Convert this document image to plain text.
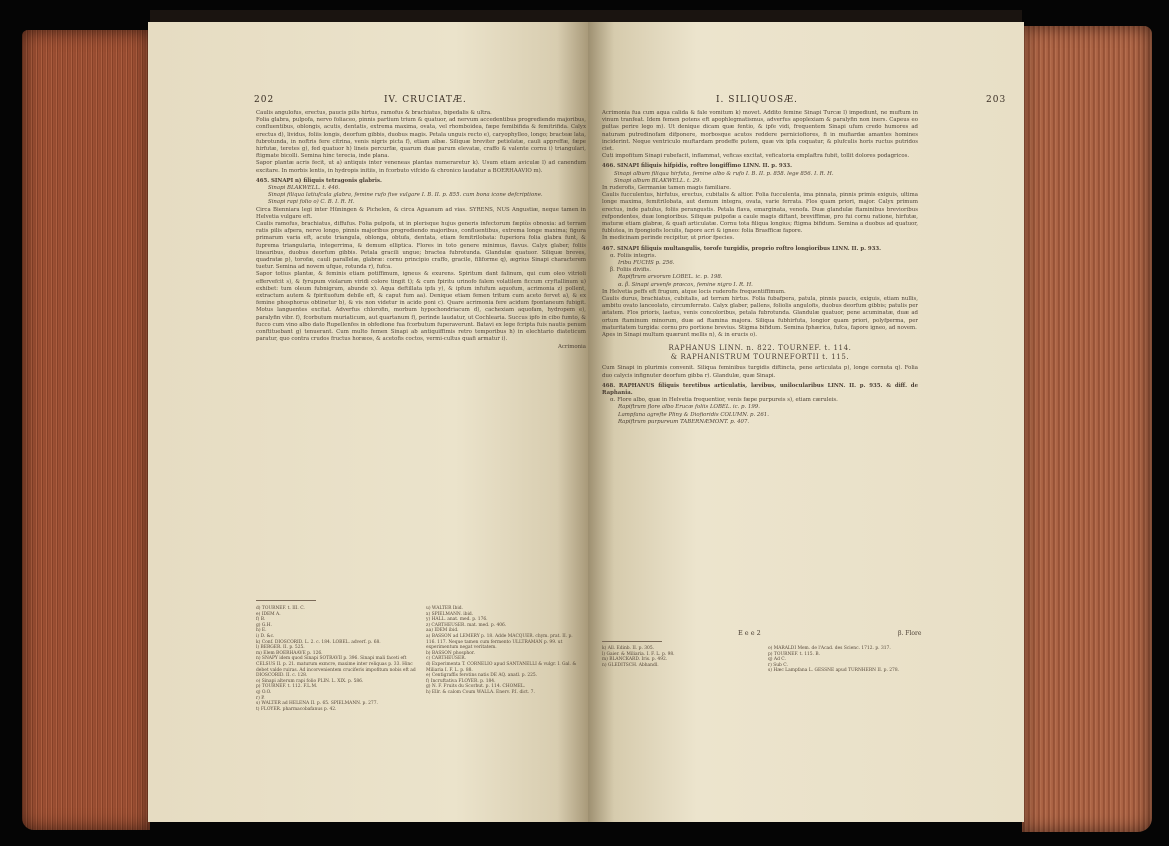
202	IV. CRUCIATÆ.

Caulis angulofus, erectus, paucis pilis hirtus, ramofus & brachiatus, bipedalis & ultra.

Folia glabra, pulpofa, nervo foliaceo, pinnis partium trium & quatuor, ad nervum accedentibus progrediendo majoribus, confluentibus, oblongis, acutis, dentatis, extrema maxima, ovata, vel rhomboidea, fæpe femibifida & femitrifida. Calyx erectus d), lividus, foliis longis, deorfum gibbis, duobus magis. Petala unguis recto e), caryophylleo, longo; bracteæ lata, fubrotunda, in noftris fere citrina, venis nigris picta f), etiam albæ. Siliquæ breviter petiolatæ, cauli appreffæ, fæpe hirfutæ, teretes g), fed quatuor h) lineis percurfæ, quarum duæ parum elevatæ, craffo & valente cornu i) triangulari, ftigmate bicolli. Semina hinc terecia, inde plana.

Sapor plantæ acris fecit, ut a) antiquis inter veneneas plantas numeraretur k). Usum etiam aviculæ l) ad canendum excitare. In morbis lentis, in hydropis initiis, in fcorbuto vifcido & chronico laudatur a BOERHAAVIO m).

465. SINAPI n) filiquis tetragonis glabris.

Sinapi BLAKWELL. t. 446.

Sinapi filiqua latiufcula glabra, femine rufo five vulgare I. B. II. p. 855. cum bona icone defcriptione.

Sinapi rapi folio o) C. B. I. R. H.

Circa Bienniara legi inter Hüningen & Pichelen, & circa Aguanum ad vias. SYRENS, NUS Angustiæ, neque tamen in Helvetia vulgare eft.

Caulis ramofus, brachiatus, diffufus. Folia pulpofa, ut in plerisque hujus generis infectorum fæpiùs obnoxia: ad terram ratis pilis afpera, nervo longo, pinnis majoribus progrediendo majoribus, confluentibus, extrema longe maxima; figura primarum varia eft, acute triangula, oblonga, obtufa, dentata, etiam femitrilobata: fuperiora folia glabra funt, & fuprema triangularia, integerrima, & demum elliptica. Flores in toto genere minimus, flavus. Calyx glaber, foliis linearibus, duobus deorfum gibbis. Petala gracili ungue; bractea fubrotunda. Glandulæ quatuor. Siliquæ breves, quadratæ p), torofæ, cauli parallelæ, glabræ: cornu principio craffo, gracile, filiforme q), ægrius Sinapi characterem tuetur. Semina ad novem ufque, rotunda r), fufca.

Sapor totius plantæ, & feminis etiam potiffimum, igneus & exurens. Spiritum dant falinum, qui cum oleo vitrioli effervefcit s), & fyrupum violarum viridi colore tingit t); & cum fpiritu urinofo falem volatilem ficcum cryftallinum u) exhibet: tum oleum fubnigrum, abunde x). Aqua deftillata ipfa y), & ipfum infufum aquofum, acrimonia z) pollent, extractum autem & fpirituofum debile eft, & caput fum aa). Denique etiam femen tritum cum aceto fervet a), & ex femine phosphorus obtinetur b), & vis non videtur in acido poni c). Quare acrimonia fere acidum fpontaneum fubigit. Motus languentes excitat. Adverfus chlorofin, morbum hypochondriacum d), cachexiam aquofam, hydropem e), paralyfin vibr. f), fcorbutum muriaticum, aut quartanum f), perinde laudatur, ut Cochlearia. Succus ipfo in cibo fumto, & fucco cum vino albo dato Rupellenfes in obfedione fua fcorbutum fuperaverunt. Batavi ex lege fcripta fuis nautis penum conftituebant g) tenuerant. Cum multo femen Sinapi ab antiquiffimis retro temporibus h) in elechtario diateticum paratur, quo contra crudos fructus horæos, & acetofis coctos, vermi-cultus quafi armatur i).

Acrimonia

d) TOURNEF. t. III. C.
e) IDEM A.
f) B.
g) G.H.
h) E.
i) D. &c.
k) Conf. DIOSCORID. L. 2. c. 184. LOBEL. adverf. p. 68.
l) BERGER. II. p. 525.
m) Elem BOERHAAVE p. 126.
n) SNAPY idem quod Sinapi SOTRAVII p. 396. Sinapi mali faceti eft CELSUS II. p. 21. maturum exmcre, maxime inter reliquas p. 33. Hinc debet valde ruiras. Ad incorvenientem cruciferis impofitum nobis eft ad DIOSCORID. II. c. 128.
o) Sinapi alterum rapi folio PLIN. L. XIX. p. 586.
p) TOURNEF. t. 112. F.L.M.
q) O.O.
r) P.
s) WALTER ad HELENA II. p. 65. SPIELMANN. p. 277.
t) FLOYER. pharmacobafanus p. 42.
u) WALTER Ibid.
x) SPIELMANN. ibid.
y) HALL. anat. med. p. 176.
z) CARTHEUSER. mat. med. p. 406.
aa) IDEM ibid.
a) BASSON ad LEMERY p. 18. Adde MACQUER. chym. prat. II. p. 116. 117. Neque tamen cum fermento ULLTRAMAN p. 99. ut experimentum negat veritatem.
b) BASSON phosphor.
c) CARTHEUSER.
d) Experimenta T. CORNELIO apud SANTANELLI & vulgr. I. Gal. & Miliaria I. F. L. p. 88.
e) Centigraffis ferotins natis DE AQ. anatl. p. 225.
f) Incruftativa FLOYER. p. 184.
g) N. F. Fruits du Scorbut. p. 114. CHOMEL.
h) Ellr. & calom Coum WALLA. Enerv. P.I. dict. 7.
I. SILIQUOSÆ.	203

Acrimonia fua cum aqua calida & fale vomitum k) movet. Addito femine Sinapi Turcæ l) impediunt, ne muftum in vinum tranfeat. Idem femen potens eft apophlegmatismus, adverfus apoplexiam & paralyfin non iners. Capeus eo pultas perire lego m). Ut denique dicam quæ fentio, & ipfe vidi, frequentem Sinapi ufum credo humores ad naturam putredinofam difponere, morbosque acutos reddere perniciofiores, fi in mufiardæ amantes homines inciderint. Neque ventriculo muftardam prodeffe putem, quæ vix ipfa coquatur, & plufculis horis ructus putridos ciet.

Cuti impofitum Sinapi rubefacit, inflammat, veficas excitat, veficatoria emplaftra fubit, tollit dolores podagricos.

466. SINAPI filiquis hifpidis, roftro longiffimo LINN. II. p. 933.

Sinapi album filiqua hirfuta, femine albo & rufo I. B. II. p. 858. lege 856. I. R. H.

Sinapi album BLAKWELL. t. 29.

In ruderofis, Germaniæ tamen magis familiare.

Caulis fucculentus, hirfutus, erectus, cubitalis & altior. Folia fucculenta, ima pinnata, pinnis primis exiguis, ultima longe maxima, femitrilobata, aut demum integra, ovata, varie ferrata. Flos quam priori, major. Calyx primum erectus, inde patulus, foliis perangustis. Petala flava, emarginata, venofa. Duæ glandulæ ftaminibus brevioribus refpondentes, duæ longioribus. Siliquæ pulpofæ a caule magis diftant, breviffimæ, pro fui cornu ratione, hirfutæ, maturæ etiam glabræ, & quafi articulatæ. Cornu tota filiqua longius; ftigma bifidum. Semina a duobus ad quatuor, fublutea, in fpongiofis loculis, fapore acri & igneo: folia Brasfficæ fapore.

In medicinam perinde recipitur, ut prior fpecies.

467. SINAPI filiquis multangulis, torofe turgidis, proprio roftro longioribus LINN. II. p. 933.

α. Foliis integris.

Iribu FUCHS p. 256.

β. Foliis divifis.

Rapiftrum arvorum LOBEL. ic. p. 198.

α. β. Sinapi arvenfe præcox, femine nigro I. R. H.

In Helvetia peffs eft frugum, atque locis ruderofis frequentiffimum.

Caulis durus, brachiatus, cubitalis, ad terram hirtus. Folia fubafpera, patula, pinnis paucis, exiguis, etiam nullis, ambitu ovato lanceolato, circumferrato. Calyx glaber, pallens, foliolis angulofis, duobus deorfum gibbis; patulis per ætatem. Flos prioris, laetus, venis concoloribus, petala fubrotunda. Glandulæ quatuor, pene acuminatæ, duæ ad ortum ftaminum minorum, duæ ad ftamina majora. Siliqua fubhirfuta, longior quam priori, polyfperma, per maturitatem turgida: cornu pro portione brevius. Stigma bifidum. Semina fphærica, fufca, fapore igneo, ad novem.

Apes in Sinapi multum quærunt mellis n), & in erucis o).

RAPHANUS LINN. n. 822. TOURNEF. t. 114.

& RAPHANISTRUM TOURNEFORTII t. 115.

Cum Sinapi in plurimis convenit. Siliqua feminibus turgidis diftincta, pene articulata p), longe cornuta q). Folia duo calycis infignuter deorfum gibba r). Glandulæ, quæ Sinapi.

468. RAPHANUS filiquis teretibus articulatis, lævibus, unilocularibus LINN. II. p. 935. & diff. de Raphania.

α. Flore albo, quæ in Helvetia frequentior, venis fæpe purpureis s), etiam cæruleis.

Rapiftrum flore albo Erucæ foliis LOBEL. ic. p. 199.

Lampfana agrefte Pliny & Diofioridis COLUMN. p. 261.

Rapiftrum purpureum TABERNÆMONT. p. 407.

E e e 2	β. Flore
k) All. Edinb. II. p. 305.
l) Gaier. & Miliaria. I. F. L. p. 98.
m) BLANCKARD. Iris. p. 492.
n) GLEDITSCH. Abhandl.
o) MARALDI Mem. de l'Acad. des Scienc. 1712. p. 317.
p) TOURNEF. t. 115. B.
q) Ad C.
r) Sub C.
s) Hæc Lampfana L. GESSNE apud TURNHERN II. p. 278.
